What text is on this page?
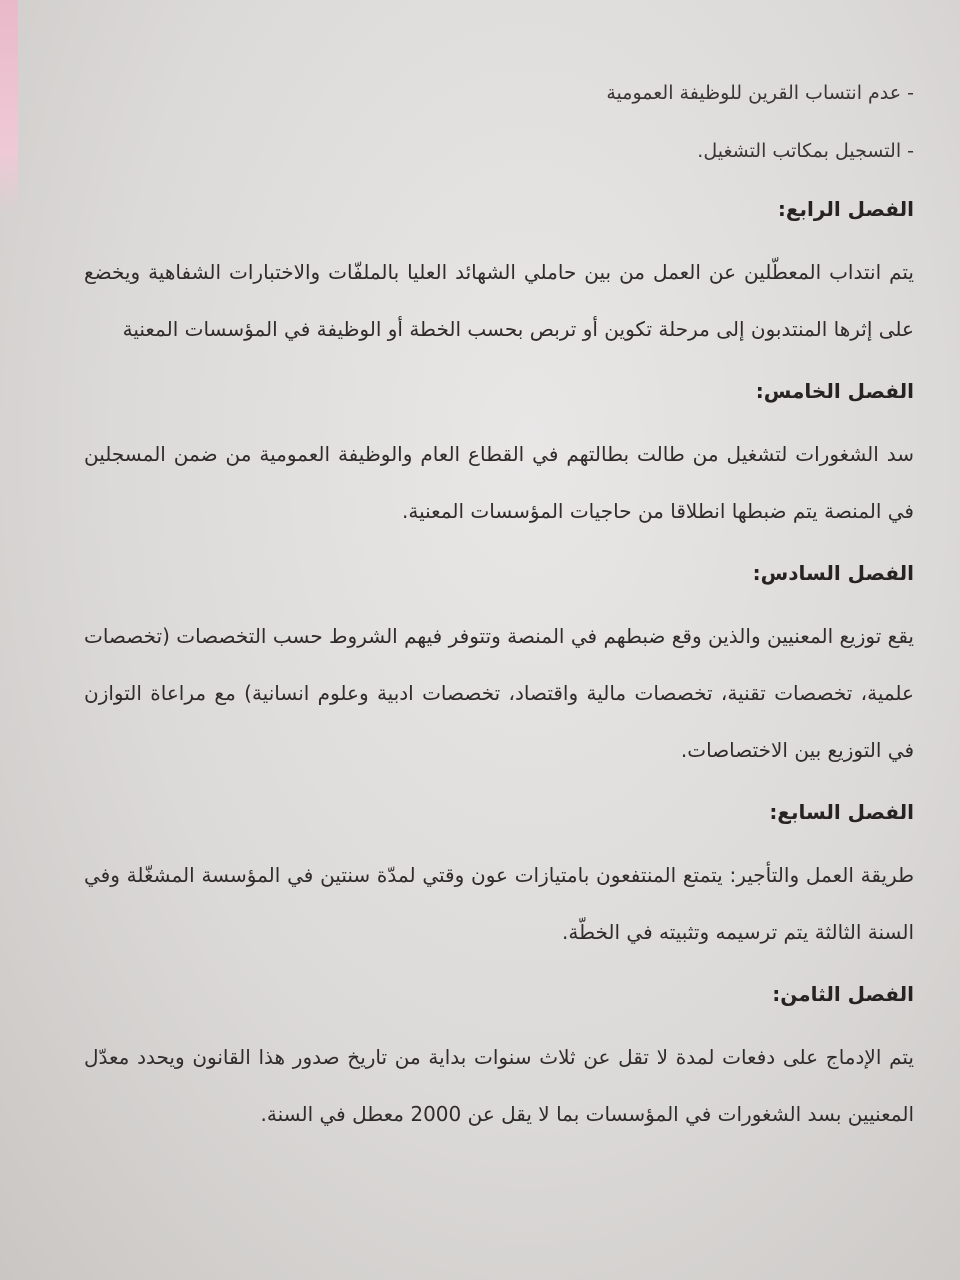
- عدم انتساب القرين للوظيفة العمومية

- التسجيل بمكاتب التشغيل.

الفصل الرابع:

يتم انتداب المعطّلين عن العمل من بين حاملي الشهائد العليا بالملفّات والاختبارات الشفاهية ويخضع على إثرها المنتدبون إلى مرحلة تكوين أو تربص بحسب الخطة أو الوظيفة في المؤسسات المعنية

الفصل الخامس:

سد الشغورات لتشغيل من طالت بطالتهم في القطاع العام والوظيفة العمومية من ضمن المسجلين في المنصة يتم ضبطها انطلاقا من حاجيات المؤسسات المعنية.

الفصل السادس:

يقع توزيع المعنيين والذين وقع ضبطهم في المنصة وتتوفر فيهم الشروط حسب التخصصات (تخصصات علمية، تخصصات تقنية، تخصصات مالية واقتصاد، تخصصات ادبية وعلوم انسانية) مع مراعاة التوازن في التوزيع بين الاختصاصات.

الفصل السابع:

طريقة العمل والتأجير: يتمتع المنتفعون بامتيازات عون وقتي لمدّة سنتين في المؤسسة المشغّلة وفي السنة الثالثة يتم ترسيمه وتثبيته في الخطّة.

الفصل الثامن:

يتم الإدماج على دفعات لمدة لا تقل عن ثلاث سنوات بداية من تاريخ صدور هذا القانون ويحدد معدّل المعنيين بسد الشغورات في المؤسسات بما لا يقل عن 2000 معطل في السنة.
